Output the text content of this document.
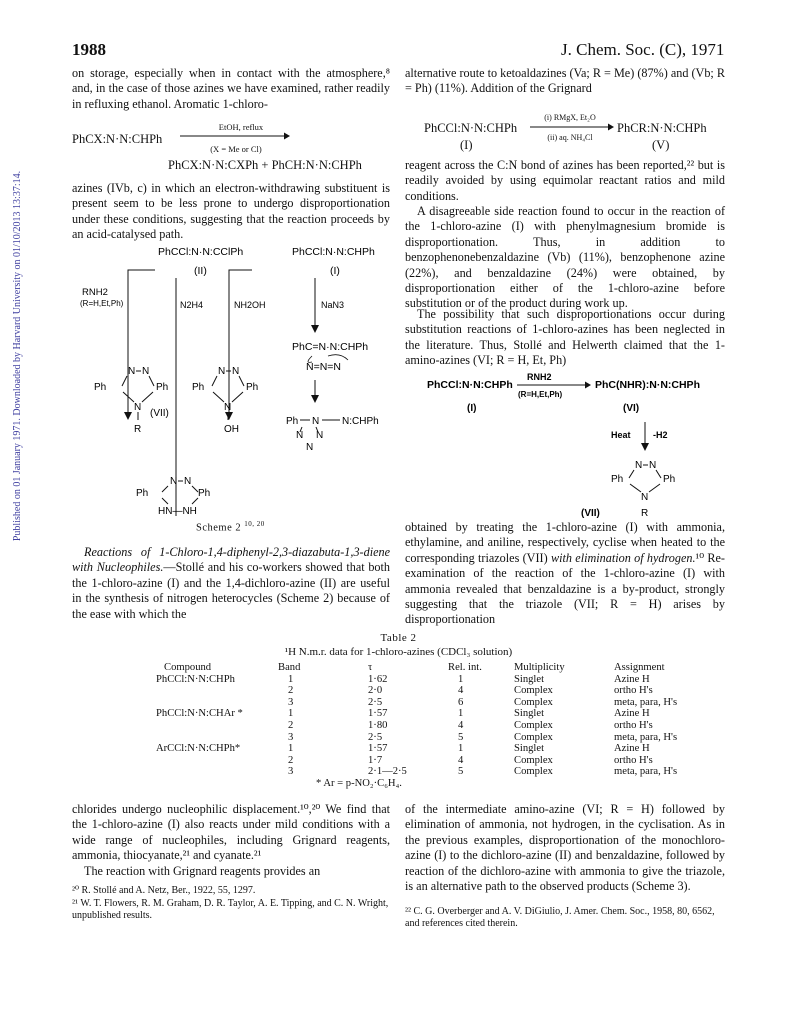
Published on 01 January 1971. Downloaded by Harvard University on 01/10/2013 13:37:14.
1988	J. Chem. Soc. (C), 1971

on storage, especially when in contact with the atmosphere,⁸ and, in the case of those azines we have examined, rather readily in refluxing ethanol. Aromatic 1-chloro-

PhCX:N·N:CHPh
EtOH, reflux
(X = Me or Cl)
PhCX:N·N:CXPh + PhCH:N·N:CHPh

azines (IVb, c) in which an electron-withdrawing substituent is present seem to be less prone to undergo disproportionation under these conditions, suggesting that the reaction proceeds by an acid-catalysed path.

PhCCl:N·N:CClPh
(II)
PhCCl:N·N:CHPh
(I)
RNH2
(R=H,Et,Ph)	N2H4	NH2OH	NaN3
PhC=N·N:CHPh
N=N=N
N N
Ph	Ph
N
R
(VII)
N N
Ph	Ph
N
OH
Ph N N:CHPh
N N
N
N N
Ph	Ph
HN—NH
Scheme 2 $^{10, 20}$

Reactions of 1-Chloro-1,4-diphenyl-2,3-diazabuta-1,3-diene with Nucleophiles.—Stollé and his co-workers showed that both the 1-chloro-azine (I) and the 1,4-dichloro-azine (II) are useful in the synthesis of nitrogen heterocycles (Scheme 2) because of the ease with which the

alternative route to ketoaldazines (Va; R = Me) (87%) and (Vb; R = Ph) (11%). Addition of the Grignard

PhCCl:N·N:CHPh
(i) RMgX, Et₂O
(ii) aq. NH₄Cl
PhCR:N·N:CHPh
(I)	(V)

reagent across the C:N bond of azines has been reported,²² but is readily avoided by using equimolar reactant ratios and mild conditions.

A disagreeable side reaction found to occur in the reaction of the 1-chloro-azine (I) with phenylmagnesium bromide is disproportionation. Thus, in addition to benzophenonebenzaldazine (Vb) (11%), benzophenone azine (22%), and benzaldazine (24%) were obtained, by disproportionation either of the 1-chloro-azine before substitution or of the product during work up.

The possibility that such disproportionations occur during substitution reactions of 1-chloro-azines has been neglected in the literature. Thus, Stollé and Helwerth claimed that the 1-amino-azines (VI; R = H, Et, Ph)

PhCCl:N·N:CHPh
RNH2
(R=H,Et,Ph)
PhC(NHR):N·N:CHPh
(I)	(VI)
Heat -H2
N N
Ph	Ph
N
R
(VII)

obtained by treating the 1-chloro-azine (I) with ammonia, ethylamine, and aniline, respectively, cyclise when heated to the corresponding triazoles (VII) with elimination of hydrogen.¹⁰ Re-examination of the reaction of the 1-chloro-azine (I) with ammonia revealed that benzaldazine is a by-product, strongly suggesting that the triazole (VII; R = H) arises by disproportionation

Table 2
¹H N.m.r. data for 1-chloro-azines (CDCl₃ solution)
Compound	Band	τ	Rel. int.	Multiplicity	Assignment
PhCCl:N·N:CHPh	1	1·62	1	Singlet	Azine H
	2	2·0	4	Complex	ortho H's
	3	2·5	6	Complex	meta, para, H's
PhCCl:N·N:CHAr *	1	1·57	1	Singlet	Azine H
	2	1·80	4	Complex	ortho H's
	3	2·5	5	Complex	meta, para, H's
ArCCl:N·N:CHPh*	1	1·57	1	Singlet	Azine H
	2	1·7	4	Complex	ortho H's
	3	2·1—2·5	5	Complex	meta, para, H's
* Ar = p-NO₂·C₆H₄.

chlorides undergo nucleophilic displacement.¹⁰,²⁰ We find that the 1-chloro-azine (I) also reacts under mild conditions with a wide range of nucleophiles, including Grignard reagents, ammonia, thiocyanate,²¹ and cyanate.²¹

The reaction with Grignard reagents provides an

²⁰ R. Stollé and A. Netz, Ber., 1922, 55, 1297.
²¹ W. T. Flowers, R. M. Graham, D. R. Taylor, A. E. Tipping, and C. N. Wright, unpublished results.

of the intermediate amino-azine (VI; R = H) followed by elimination of ammonia, not hydrogen, in the cyclisation. As in the previous examples, disproportionation of the monochloro-azine (I) to the dichloro-azine (II) and benzaldazine, followed by reaction of the dichloro-azine with ammonia to give the triazole, is an alternative path to the observed products (Scheme 3).

²² C. G. Overberger and A. V. DiGiulio, J. Amer. Chem. Soc., 1958, 80, 6562, and references cited therein.
